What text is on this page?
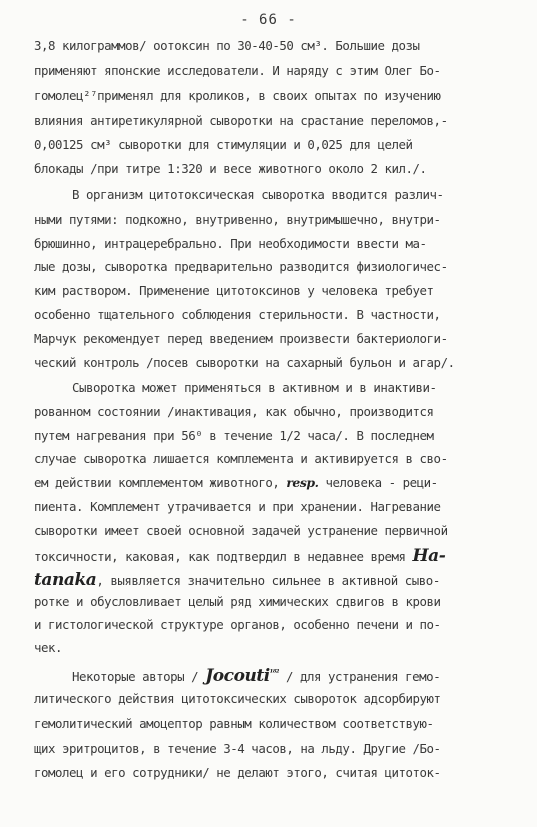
- 66 -
3,8 килограммов/ оотоксин по 30-40-50 см³. Большие дозы
применяют японские исследователи. И наряду с этим Олег Бо-
гомолец²⁷применял для кроликов, в своих опытах по изучению
влияния антиретикулярной сыворотки на срастание переломов,-
0,00125 см³ сыворотки для стимуляции и 0,025 для целей
блокады /при титре 1:320 и весе животного около 2 кил./.
В организм цитотоксическая сыворотка вводится различ-
ными путями: подкожно, внутривенно, внутримышечно, внутри-
брюшинно, интрацеребрально. При необходимости ввести ма-
лые дозы, сыворотка предварительно разводится физиологичес-
ким раствором. Применение цитотоксинов у человека требует
особенно тщательного соблюдения стерильности. В частности,
Марчук рекомендует перед введением произвести бактериологи-
ческий контроль /посев сыворотки на сахарный бульон и агар/.
Сыворотка может применяться в активном и в инактиви-
рованном состоянии /инактивация, как обычно, производится
путем нагревания при 56⁰ в течение 1/2 часа/. В последнем
случае сыворотка лишается комплемента и активируется в сво-
ем действии комплементом животного, resp. человека - реци-
пиента. Комплемент утрачивается и при хранении. Нагревание
сыворотки имеет своей основной задачей устранение первичной
токсичности, каковая, как подтвердил в недавнее время Ha-
tanaka, выявляется значительно сильнее в активной сыво-
ротке и обусловливает целый ряд химических сдвигов в крови
и гистологической структуре органов, особенно печени и по-
чек.
Некоторые авторы / Jocouti$^{^{182}}$ / для устранения гемо-
литического действия цитотоксических сывороток адсорбируют
гемолитический амоцептор равным количеством соответствую-
щих эритроцитов, в течение 3-4 часов, на льду. Другие /Бо-
гомолец и его сотрудники/ не делают этого, считая цитоток-
